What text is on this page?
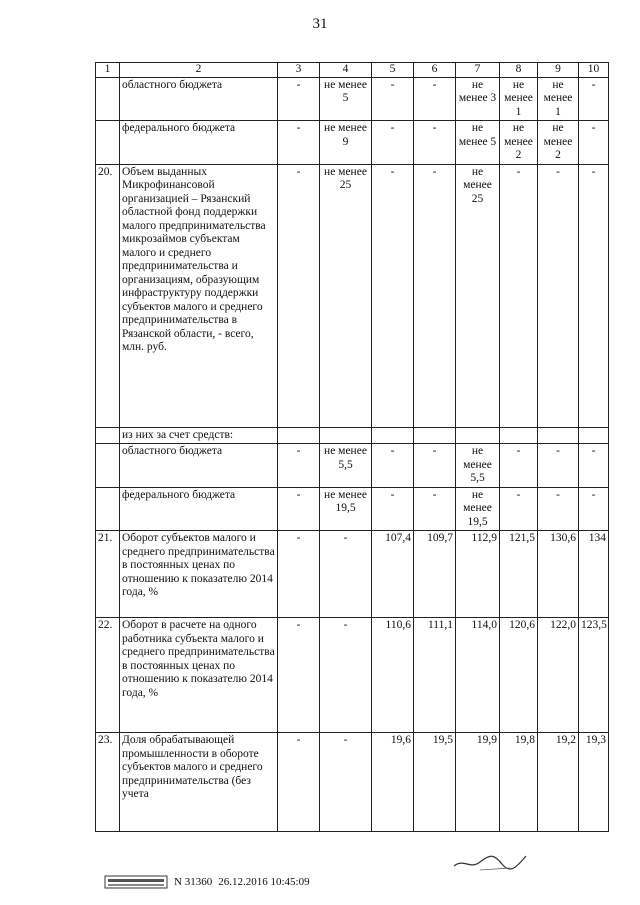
31
1	2	3	4	5	6	7	8	9	10
	областного бюджета	-	не менее 5	-	-	не менее 3	не менее 1	не менее 1	-
	федерального бюджета	-	не менее 9	-	-	не менее 5	не менее 2	не менее 2	-
20.	Объем выданных Микрофинансовой организацией – Рязанский областной фонд поддержки малого предпринимательства микрозаймов субъектам малого и среднего предпринимательства и организациям, образующим инфраструктуру поддержки субъектов малого и среднего предпринимательства в Рязанской области, - всего, млн. руб.	-	не менее 25	-	-	не менее 25	-	-	-
	из них за счет средств:								
	областного бюджета	-	не менее 5,5	-	-	не менее 5,5	-	-	-
	федерального бюджета	-	не менее 19,5	-	-	не менее 19,5	-	-	-
21.	Оборот субъектов малого и среднего предпринимательства в постоянных ценах по отношению к показателю 2014 года, %	-	-	107,4	109,7	112,9	121,5	130,6	134
22.	Оборот в расчете на одного работника субъекта малого и среднего предпринимательства в постоянных ценах по отношению к показателю 2014 года, %	-	-	110,6	111,1	114,0	120,6	122,0	123,5
23.	Доля обрабатывающей промышленности в обороте субъектов малого и среднего предпринимательства (без учета	-	-	19,6	19,5	19,9	19,8	19,2	19,3
N 31360 26.12.2016 10:45:09
